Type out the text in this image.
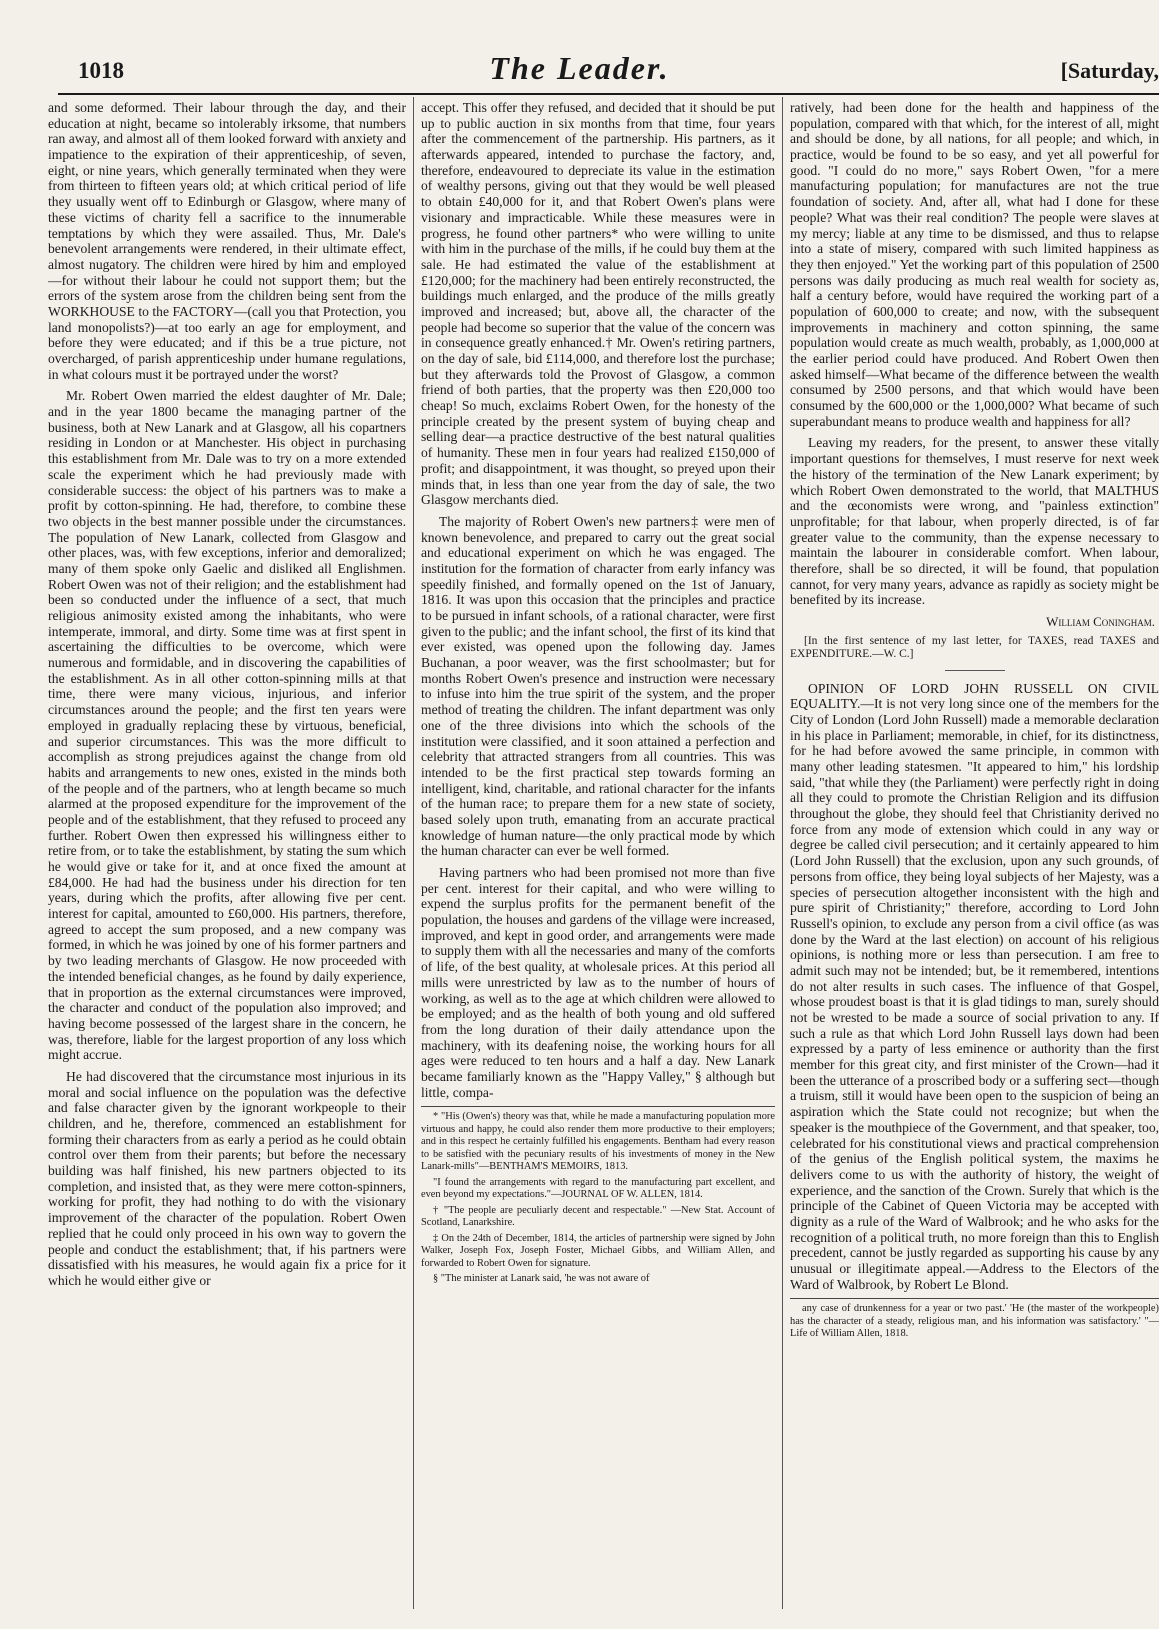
1018	The Leader.	[Saturday,

and some deformed. Their labour through the day, and their education at night, became so intolerably irksome, that numbers ran away, and almost all of them looked forward with anxiety and impatience to the expiration of their apprenticeship, of seven, eight, or nine years, which generally terminated when they were from thirteen to fifteen years old; at which critical period of life they usually went off to Edinburgh or Glasgow, where many of these victims of charity fell a sacrifice to the innumerable temptations by which they were assailed. Thus, Mr. Dale's benevolent arrangements were rendered, in their ultimate effect, almost nugatory. The children were hired by him and employed—for without their labour he could not support them; but the errors of the system arose from the children being sent from the WORKHOUSE to the FACTORY—(call you that Protection, you land monopolists?)—at too early an age for employment, and before they were educated; and if this be a true picture, not overcharged, of parish apprenticeship under humane regulations, in what colours must it be portrayed under the worst?

Mr. Robert Owen married the eldest daughter of Mr. Dale; and in the year 1800 became the managing partner of the business, both at New Lanark and at Glasgow, all his copartners residing in London or at Manchester. His object in purchasing this establishment from Mr. Dale was to try on a more extended scale the experiment which he had previously made with considerable success: the object of his partners was to make a profit by cotton-spinning. He had, therefore, to combine these two objects in the best manner possible under the circumstances. The population of New Lanark, collected from Glasgow and other places, was, with few exceptions, inferior and demoralized; many of them spoke only Gaelic and disliked all Englishmen. Robert Owen was not of their religion; and the establishment had been so conducted under the influence of a sect, that much religious animosity existed among the inhabitants, who were intemperate, immoral, and dirty. Some time was at first spent in ascertaining the difficulties to be overcome, which were numerous and formidable, and in discovering the capabilities of the establishment. As in all other cotton-spinning mills at that time, there were many vicious, injurious, and inferior circumstances around the people; and the first ten years were employed in gradually replacing these by virtuous, beneficial, and superior circumstances. This was the more difficult to accomplish as strong prejudices against the change from old habits and arrangements to new ones, existed in the minds both of the people and of the partners, who at length became so much alarmed at the proposed expenditure for the improvement of the people and of the establishment, that they refused to proceed any further. Robert Owen then expressed his willingness either to retire from, or to take the establishment, by stating the sum which he would give or take for it, and at once fixed the amount at £84,000. He had had the business under his direction for ten years, during which the profits, after allowing five per cent. interest for capital, amounted to £60,000. His partners, therefore, agreed to accept the sum proposed, and a new company was formed, in which he was joined by one of his former partners and by two leading merchants of Glasgow. He now proceeded with the intended beneficial changes, as he found by daily experience, that in proportion as the external circumstances were improved, the character and conduct of the population also improved; and having become possessed of the largest share in the concern, he was, therefore, liable for the largest proportion of any loss which might accrue.

He had discovered that the circumstance most injurious in its moral and social influence on the population was the defective and false character given by the ignorant workpeople to their children, and he, therefore, commenced an establishment for forming their characters from as early a period as he could obtain control over them from their parents; but before the necessary building was half finished, his new partners objected to its completion, and insisted that, as they were mere cotton-spinners, working for profit, they had nothing to do with the visionary improvement of the character of the population. Robert Owen replied that he could only proceed in his own way to govern the people and conduct the establishment; that, if his partners were dissatisfied with his measures, he would again fix a price for it which he would either give or

accept. This offer they refused, and decided that it should be put up to public auction in six months from that time, four years after the commencement of the partnership. His partners, as it afterwards appeared, intended to purchase the factory, and, therefore, endeavoured to depreciate its value in the estimation of wealthy persons, giving out that they would be well pleased to obtain £40,000 for it, and that Robert Owen's plans were visionary and impracticable. While these measures were in progress, he found other partners* who were willing to unite with him in the purchase of the mills, if he could buy them at the sale. He had estimated the value of the establishment at £120,000; for the machinery had been entirely reconstructed, the buildings much enlarged, and the produce of the mills greatly improved and increased; but, above all, the character of the people had become so superior that the value of the concern was in consequence greatly enhanced.† Mr. Owen's retiring partners, on the day of sale, bid £114,000, and therefore lost the purchase; but they afterwards told the Provost of Glasgow, a common friend of both parties, that the property was then £20,000 too cheap! So much, exclaims Robert Owen, for the honesty of the principle created by the present system of buying cheap and selling dear—a practice destructive of the best natural qualities of humanity. These men in four years had realized £150,000 of profit; and disappointment, it was thought, so preyed upon their minds that, in less than one year from the day of sale, the two Glasgow merchants died.

The majority of Robert Owen's new partners‡ were men of known benevolence, and prepared to carry out the great social and educational experiment on which he was engaged. The institution for the formation of character from early infancy was speedily finished, and formally opened on the 1st of January, 1816. It was upon this occasion that the principles and practice to be pursued in infant schools, of a rational character, were first given to the public; and the infant school, the first of its kind that ever existed, was opened upon the following day. James Buchanan, a poor weaver, was the first schoolmaster; but for months Robert Owen's presence and instruction were necessary to infuse into him the true spirit of the system, and the proper method of treating the children. The infant department was only one of the three divisions into which the schools of the institution were classified, and it soon attained a perfection and celebrity that attracted strangers from all countries. This was intended to be the first practical step towards forming an intelligent, kind, charitable, and rational character for the infants of the human race; to prepare them for a new state of society, based solely upon truth, emanating from an accurate practical knowledge of human nature—the only practical mode by which the human character can ever be well formed.

Having partners who had been promised not more than five per cent. interest for their capital, and who were willing to expend the surplus profits for the permanent benefit of the population, the houses and gardens of the village were increased, improved, and kept in good order, and arrangements were made to supply them with all the necessaries and many of the comforts of life, of the best quality, at wholesale prices. At this period all mills were unrestricted by law as to the number of hours of working, as well as to the age at which children were allowed to be employed; and as the health of both young and old suffered from the long duration of their daily attendance upon the machinery, with its deafening noise, the working hours for all ages were reduced to ten hours and a half a day. New Lanark became familiarly known as the "Happy Valley," § although but little, compa-

* "His (Owen's) theory was that, while he made a manufacturing population more virtuous and happy, he could also render them more productive to their employers; and in this respect he certainly fulfilled his engagements. Bentham had every reason to be satisfied with the pecuniary results of his investments of money in the New Lanark-mills"—BENTHAM'S MEMOIRS, 1813.

"I found the arrangements with regard to the manufacturing part excellent, and even beyond my expectations."—JOURNAL OF W. ALLEN, 1814.

† "The people are peculiarly decent and respectable." —New Stat. Account of Scotland, Lanarkshire.

‡ On the 24th of December, 1814, the articles of partnership were signed by John Walker, Joseph Fox, Joseph Foster, Michael Gibbs, and William Allen, and forwarded to Robert Owen for signature.

§ "The minister at Lanark said, 'he was not aware of

ratively, had been done for the health and happiness of the population, compared with that which, for the interest of all, might and should be done, by all nations, for all people; and which, in practice, would be found to be so easy, and yet all powerful for good. "I could do no more," says Robert Owen, "for a mere manufacturing population; for manufactures are not the true foundation of society. And, after all, what had I done for these people? What was their real condition? The people were slaves at my mercy; liable at any time to be dismissed, and thus to relapse into a state of misery, compared with such limited happiness as they then enjoyed." Yet the working part of this population of 2500 persons was daily producing as much real wealth for society as, half a century before, would have required the working part of a population of 600,000 to create; and now, with the subsequent improvements in machinery and cotton spinning, the same population would create as much wealth, probably, as 1,000,000 at the earlier period could have produced. And Robert Owen then asked himself—What became of the difference between the wealth consumed by 2500 persons, and that which would have been consumed by the 600,000 or the 1,000,000? What became of such superabundant means to produce wealth and happiness for all?

Leaving my readers, for the present, to answer these vitally important questions for themselves, I must reserve for next week the history of the termination of the New Lanark experiment; by which Robert Owen demonstrated to the world, that MALTHUS and the œconomists were wrong, and "painless extinction" unprofitable; for that labour, when properly directed, is of far greater value to the community, than the expense necessary to maintain the labourer in considerable comfort. When labour, therefore, shall be so directed, it will be found, that population cannot, for very many years, advance as rapidly as society might be benefited by its increase.

William Coningham.

[In the first sentence of my last letter, for TAXES, read TAXES and EXPENDITURE.—W. C.]

OPINION OF LORD JOHN RUSSELL ON CIVIL EQUALITY.—It is not very long since one of the members for the City of London (Lord John Russell) made a memorable declaration in his place in Parliament; memorable, in chief, for its distinctness, for he had before avowed the same principle, in common with many other leading statesmen. "It appeared to him," his lordship said, "that while they (the Parliament) were perfectly right in doing all they could to promote the Christian Religion and its diffusion throughout the globe, they should feel that Christianity derived no force from any mode of extension which could in any way or degree be called civil persecution; and it certainly appeared to him (Lord John Russell) that the exclusion, upon any such grounds, of persons from office, they being loyal subjects of her Majesty, was a species of persecution altogether inconsistent with the high and pure spirit of Christianity;" therefore, according to Lord John Russell's opinion, to exclude any person from a civil office (as was done by the Ward at the last election) on account of his religious opinions, is nothing more or less than persecution. I am free to admit such may not be intended; but, be it remembered, intentions do not alter results in such cases. The influence of that Gospel, whose proudest boast is that it is glad tidings to man, surely should not be wrested to be made a source of social privation to any. If such a rule as that which Lord John Russell lays down had been expressed by a party of less eminence or authority than the first member for this great city, and first minister of the Crown—had it been the utterance of a proscribed body or a suffering sect—though a truism, still it would have been open to the suspicion of being an aspiration which the State could not recognize; but when the speaker is the mouthpiece of the Government, and that speaker, too, celebrated for his constitutional views and practical comprehension of the genius of the English political system, the maxims he delivers come to us with the authority of history, the weight of experience, and the sanction of the Crown. Surely that which is the principle of the Cabinet of Queen Victoria may be accepted with dignity as a rule of the Ward of Walbrook; and he who asks for the recognition of a political truth, no more foreign than this to English precedent, cannot be justly regarded as supporting his cause by any unusual or illegitimate appeal.—Address to the Electors of the Ward of Walbrook, by Robert Le Blond.

any case of drunkenness for a year or two past.' 'He (the master of the workpeople) has the character of a steady, religious man, and his information was satisfactory.' "—Life of William Allen, 1818.
